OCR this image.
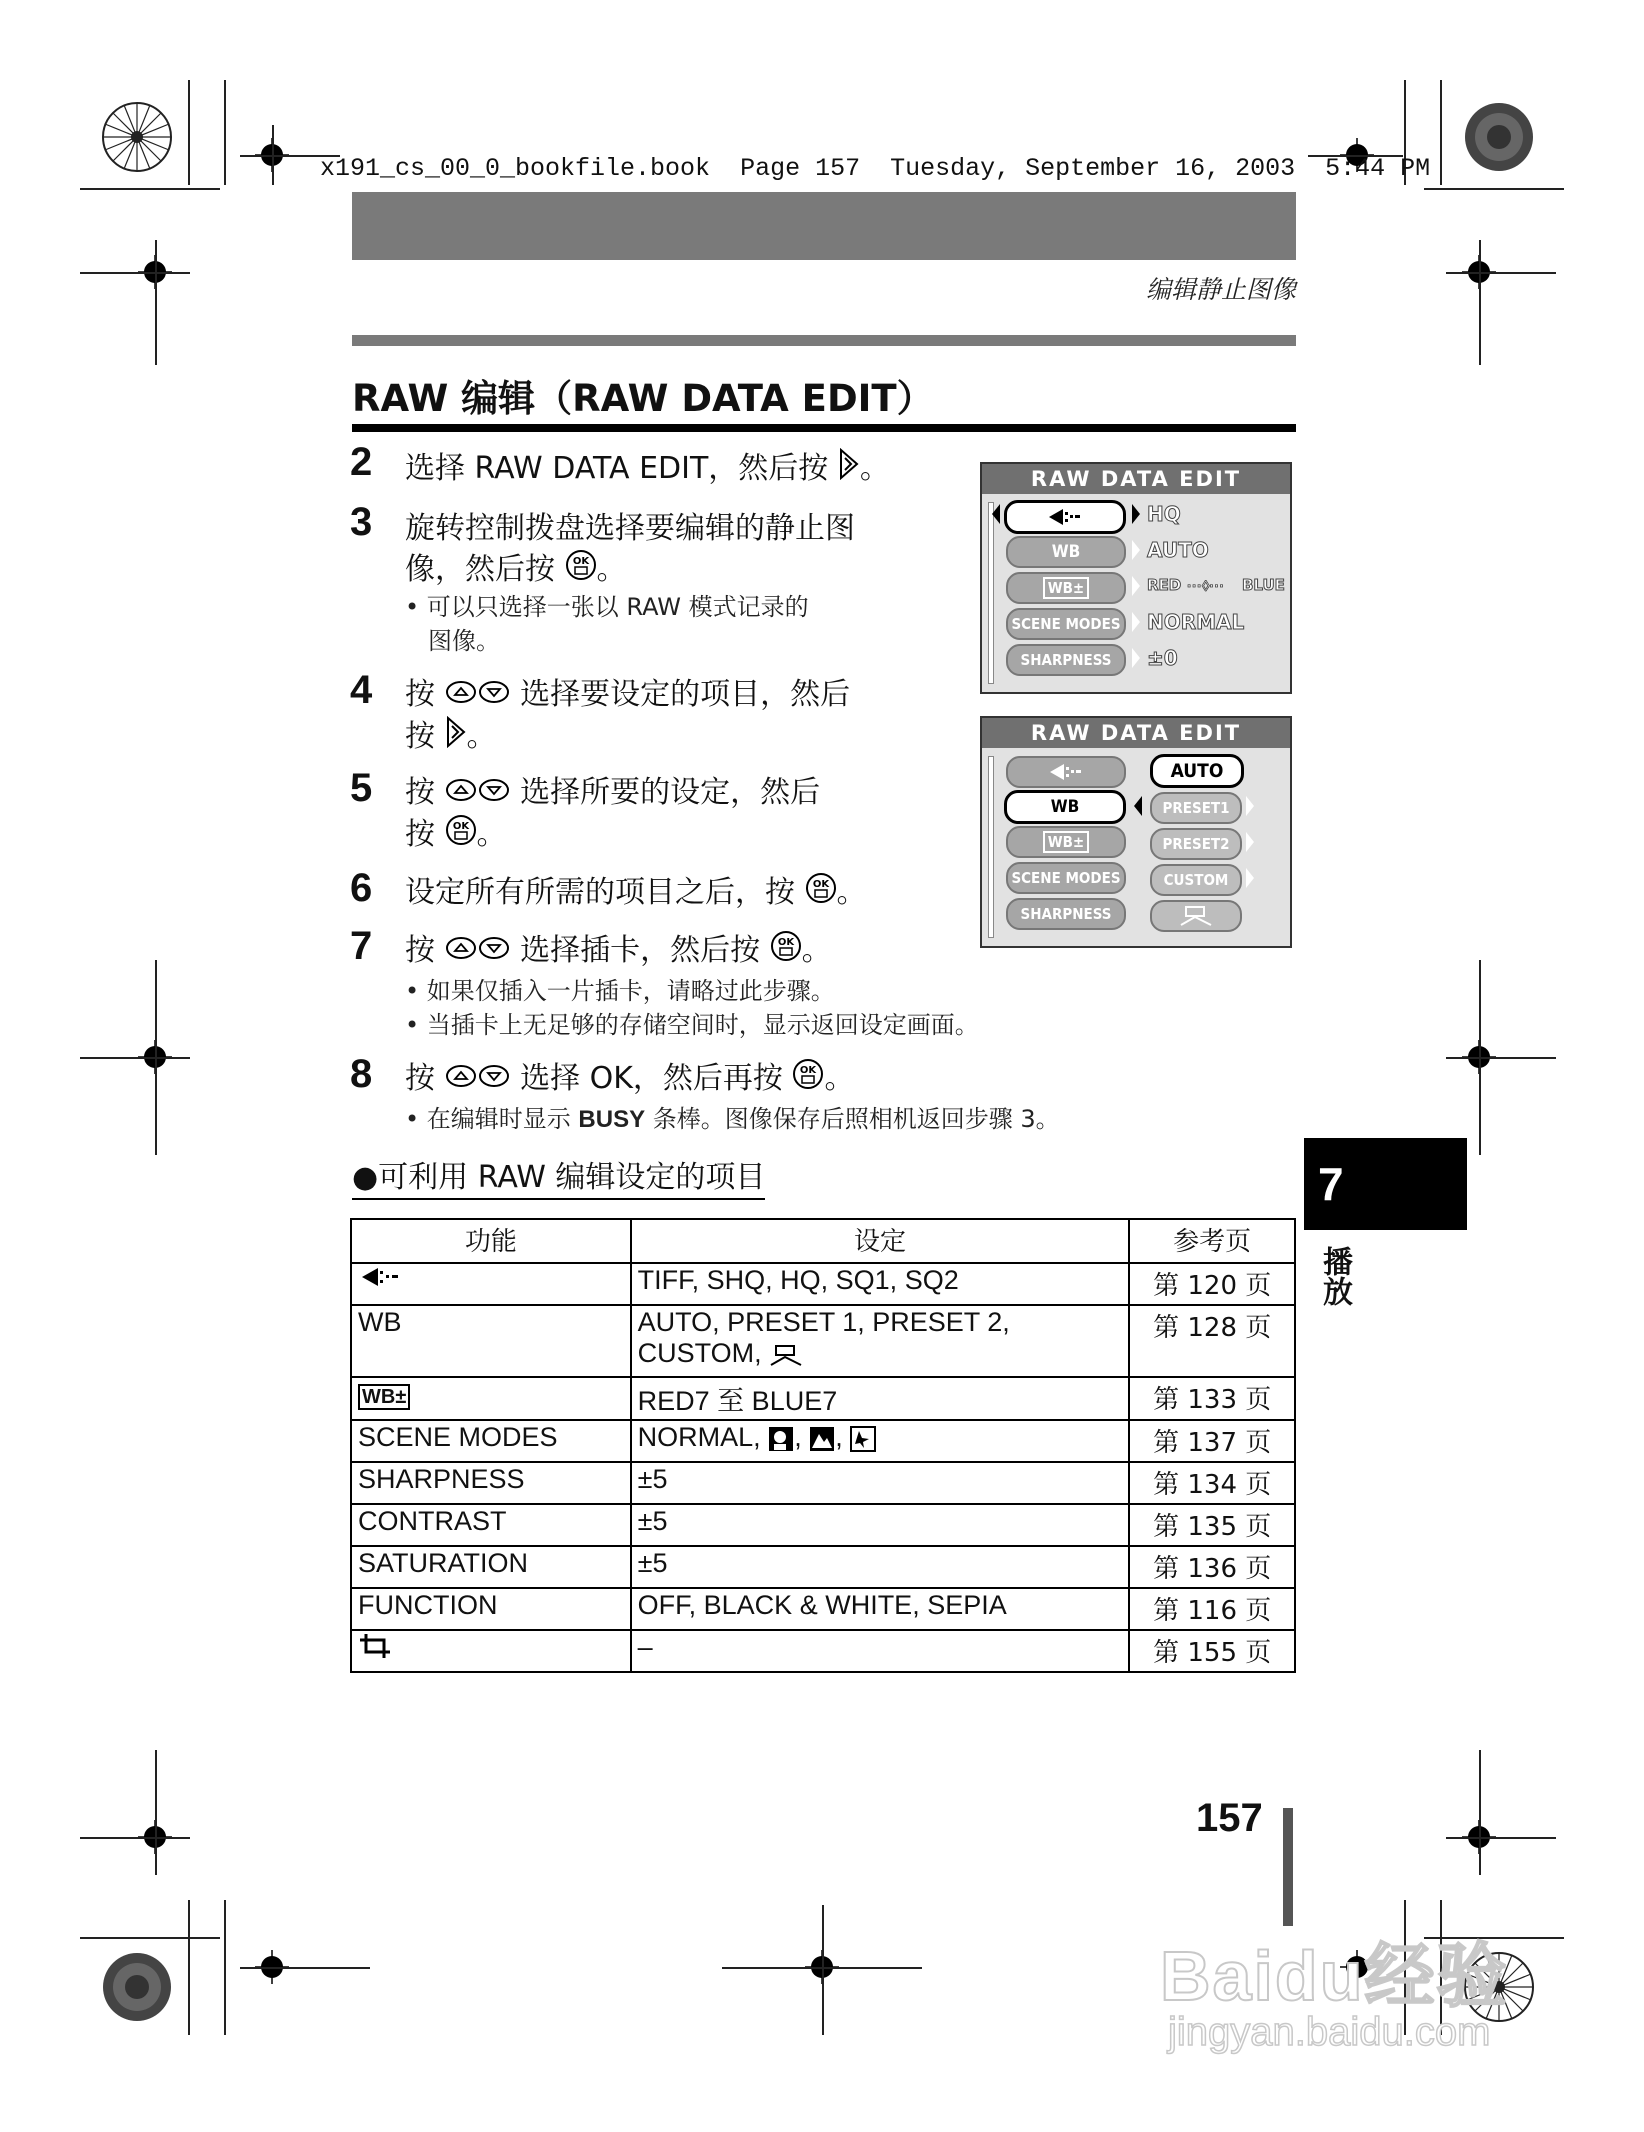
x191_cs_00_0_bookfile.book  Page 157  Tuesday, September 16, 2003  5:44 PM
编辑静止图像
RAW 编辑（RAW DATA EDIT）
2 选择 RAW DATA EDIT，然后按 。
3 旋转控制拨盘选择要编辑的静止图
像，然后按 OK 。
• 可以只选择一张以 RAW 模式记录的
图像。
4 按	选择要设定的项目，然后
按 。
5 按	选择所要的设定，然后
按 OK 。
6 设定所有所需的项目之后，按 OK 。
7 按	选择插卡，然后按 OK 。
• 如果仅插入一片插卡，请略过此步骤。
• 当插卡上无足够的存储空间时，显示返回设定画面。
8 按	选择 OK，然后再按 OK 。
• 在编辑时显示 BUSY 条棒。图像保存后照相机返回步骤 3。
RAW DATA EDIT
HQ
WB	AUTO
WB±	RED ···◊··· BLUE
SCENE MODES NORMAL
SHARPNESS	±0
RAW DATA EDIT
WB
WB±
SCENE MODES
SHARPNESS
AUTO
PRESET1
PRESET2
CUSTOM
●可利用 RAW 编辑设定的项目
功能	设定	参考页
	TIFF, SHQ, HQ, SQ1, SQ2	第 120 页
WB	AUTO, PRESET 1, PRESET 2,
CUSTOM,	第 128 页
WB±	RED7 至 BLUE7	第 133 页
SCENE MODES	NORMAL, , ,	第 137 页
SHARPNESS	±5	第 134 页
CONTRAST	±5	第 135 页
SATURATION	±5	第 136 页
FUNCTION	OFF, BLACK & WHITE, SEPIA	第 116 页
	–	第 155 页
7
播放
157
Baidu经验
jingyan.baidu.com
